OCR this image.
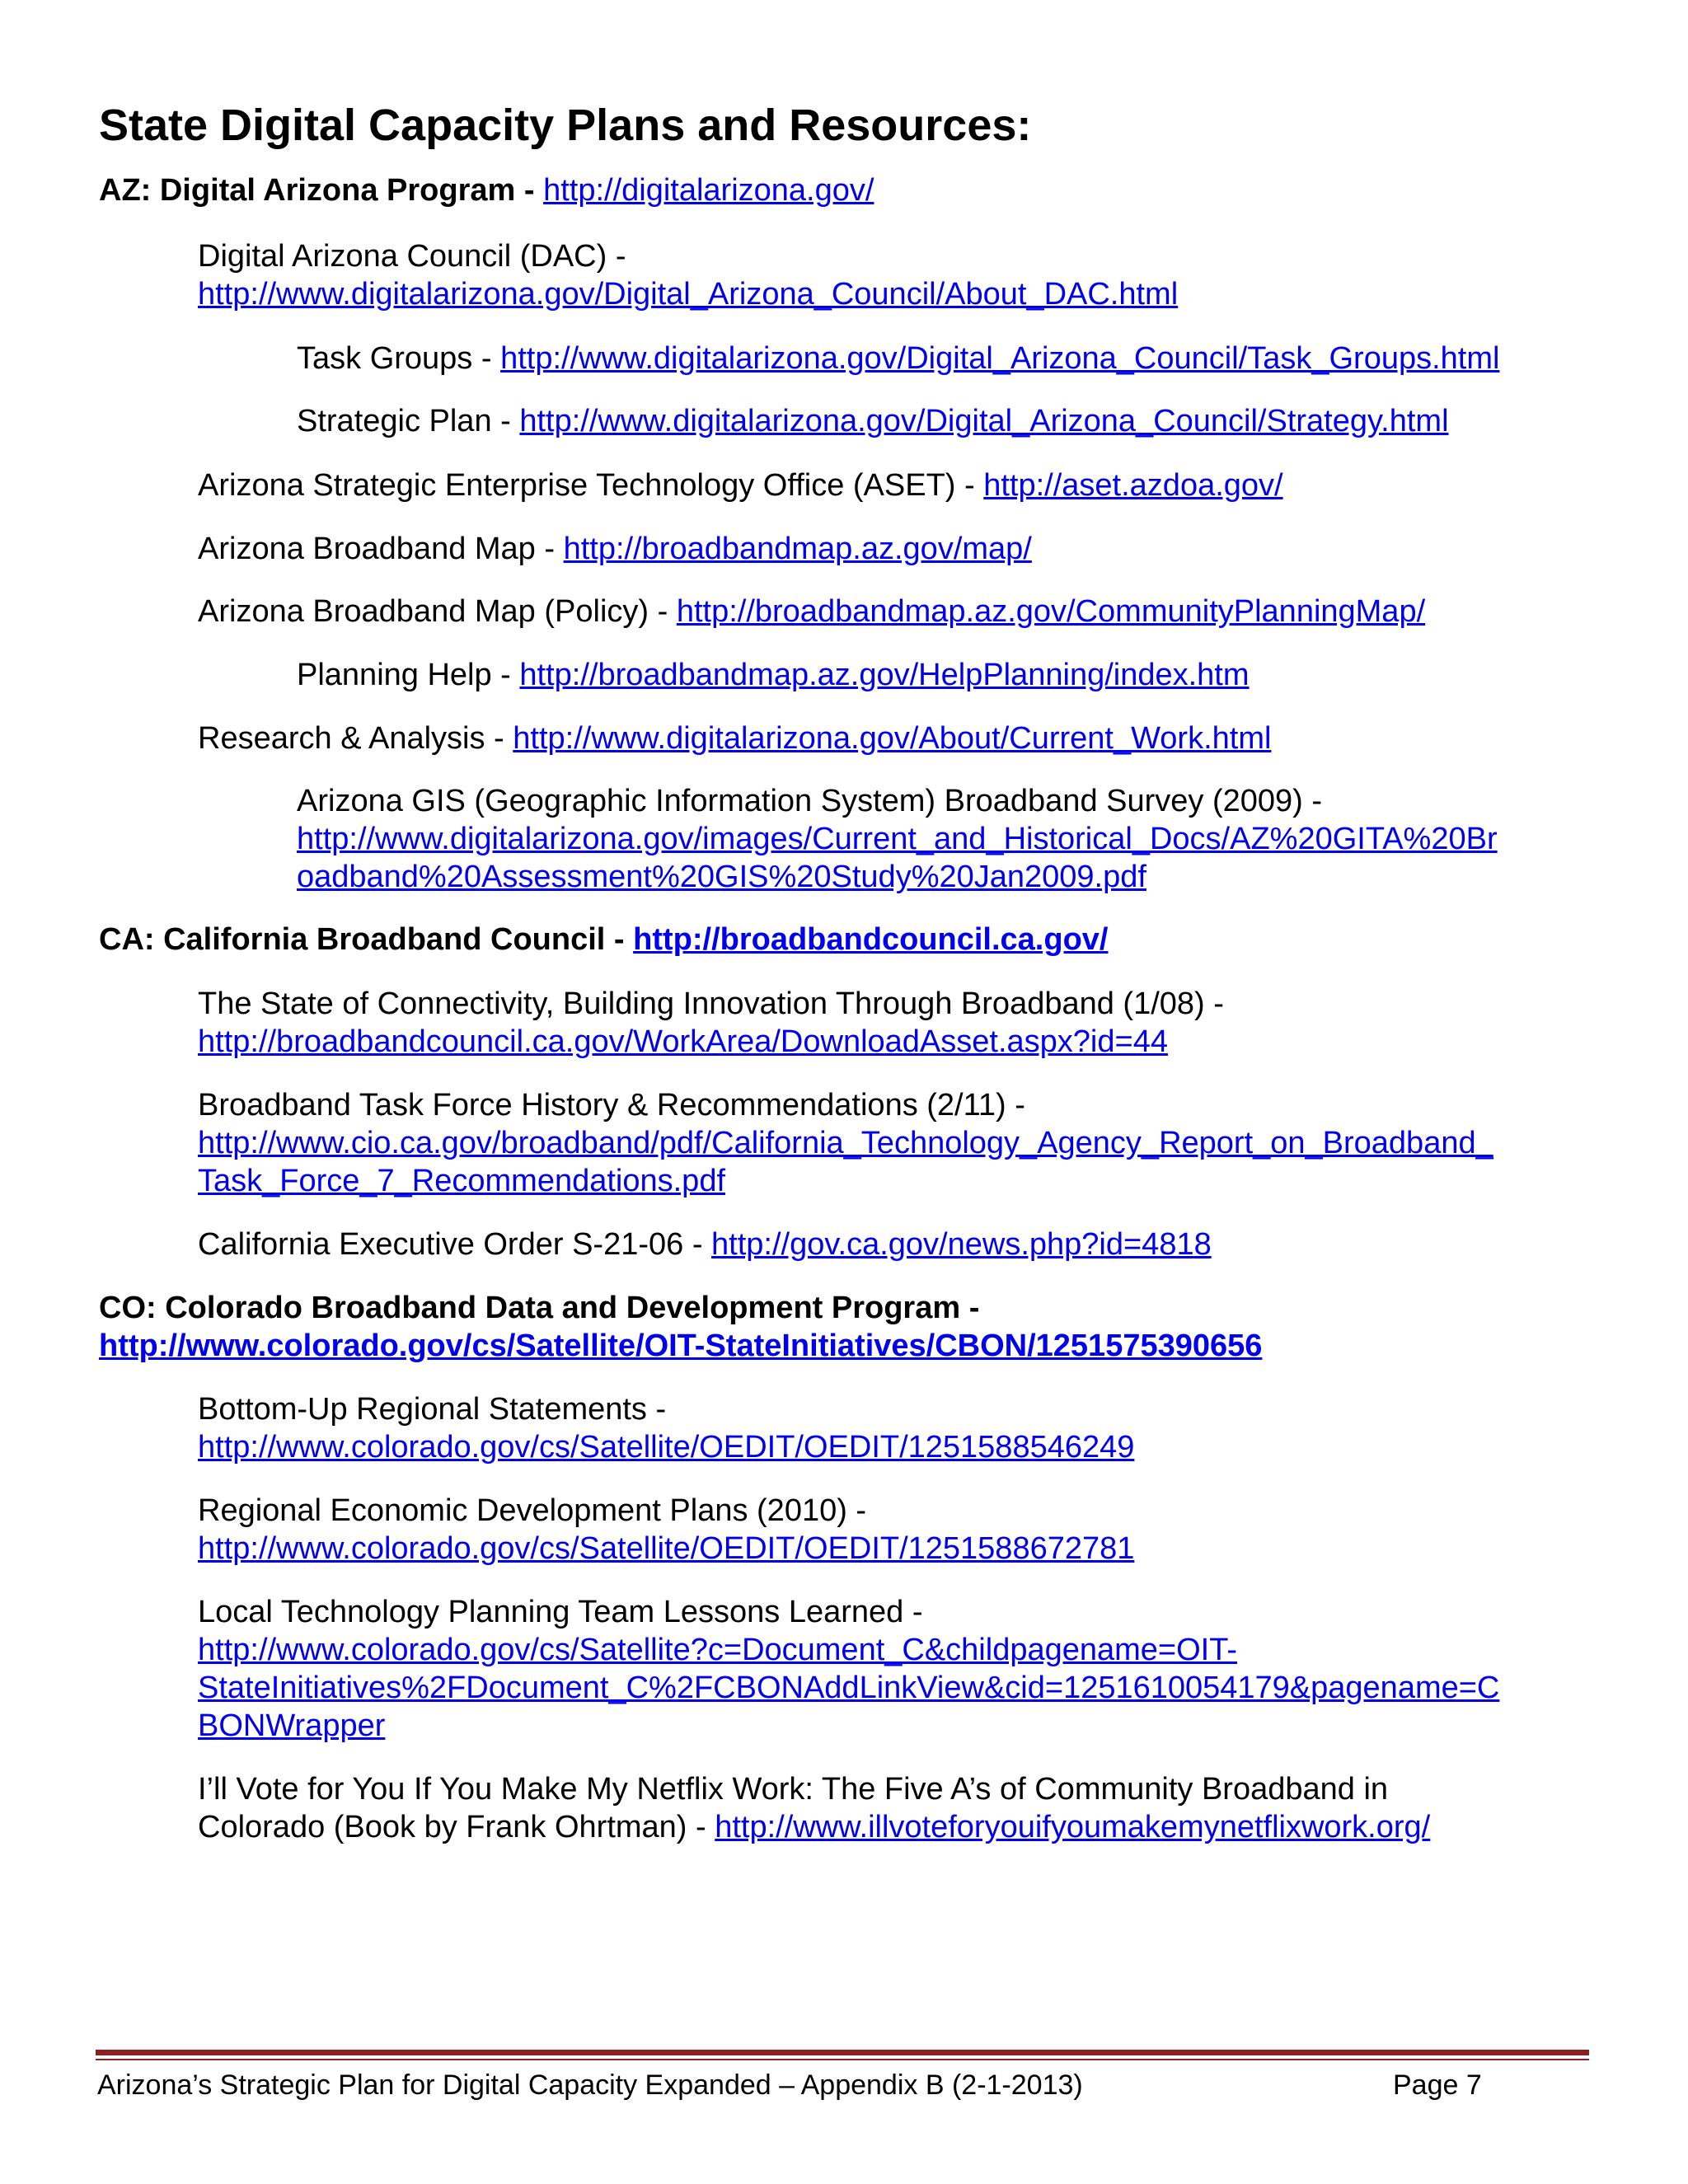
State Digital Capacity Plans and Resources:
AZ: Digital Arizona Program - http://digitalarizona.gov/
Digital Arizona Council (DAC) -
http://www.digitalarizona.gov/Digital_Arizona_Council/About_DAC.html
Task Groups - http://www.digitalarizona.gov/Digital_Arizona_Council/Task_Groups.html
Strategic Plan - http://www.digitalarizona.gov/Digital_Arizona_Council/Strategy.html
Arizona Strategic Enterprise Technology Office (ASET) - http://aset.azdoa.gov/
Arizona Broadband Map - http://broadbandmap.az.gov/map/
Arizona Broadband Map (Policy) - http://broadbandmap.az.gov/CommunityPlanningMap/
Planning Help - http://broadbandmap.az.gov/HelpPlanning/index.htm
Research & Analysis - http://www.digitalarizona.gov/About/Current_Work.html
Arizona GIS (Geographic Information System) Broadband Survey (2009) -
http://www.digitalarizona.gov/images/Current_and_Historical_Docs/AZ%20GITA%20Br
oadband%20Assessment%20GIS%20Study%20Jan2009.pdf
CA: California Broadband Council - http://broadbandcouncil.ca.gov/
The State of Connectivity, Building Innovation Through Broadband (1/08) -
http://broadbandcouncil.ca.gov/WorkArea/DownloadAsset.aspx?id=44
Broadband Task Force History & Recommendations (2/11) -
http://www.cio.ca.gov/broadband/pdf/California_Technology_Agency_Report_on_Broadband_
Task_Force_7_Recommendations.pdf
California Executive Order S-21-06 - http://gov.ca.gov/news.php?id=4818
CO: Colorado Broadband Data and Development Program -
http://www.colorado.gov/cs/Satellite/OIT-StateInitiatives/CBON/1251575390656
Bottom-Up Regional Statements -
http://www.colorado.gov/cs/Satellite/OEDIT/OEDIT/1251588546249
Regional Economic Development Plans (2010) -
http://www.colorado.gov/cs/Satellite/OEDIT/OEDIT/1251588672781
Local Technology Planning Team Lessons Learned -
http://www.colorado.gov/cs/Satellite?c=Document_C&childpagename=OIT-
StateInitiatives%2FDocument_C%2FCBONAddLinkView&cid=1251610054179&pagename=C
BONWrapper
I’ll Vote for You If You Make My Netflix Work: The Five A’s of Community Broadband in
Colorado (Book by Frank Ohrtman) - http://www.illvoteforyouifyoumakemynetflixwork.org/
Arizona’s Strategic Plan for Digital Capacity Expanded – Appendix B (2-1-2013)	Page 7
